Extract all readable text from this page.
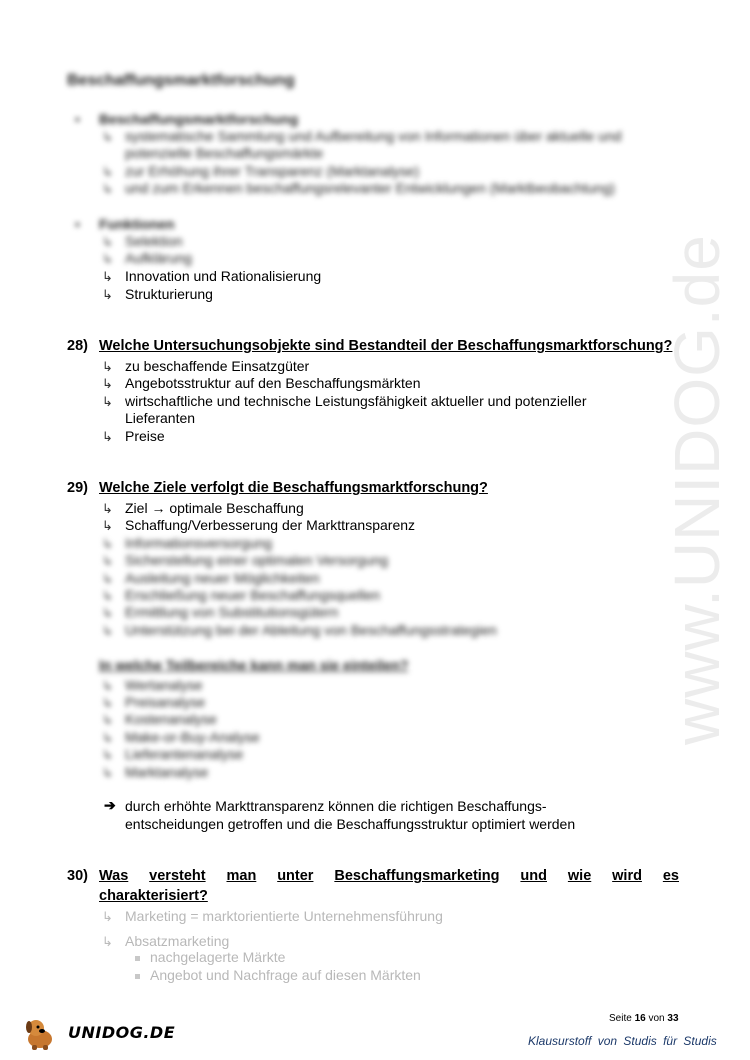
www.UNIDOG.de
Beschaffungsmarktforschung
• Beschaffungsmarktforschung
↳ systematische Sammlung und Aufbereitung von Informationen über aktuelle und
potenzielle Beschaffungsmärkte
↳ zur Erhöhung ihrer Transparenz (Marktanalyse)
↳ und zum Erkennen beschaffungsrelevanter Entwicklungen (Marktbeobachtung)
• Funktionen
↳ Selektion
↳ Aufklärung
↳ Innovation und Rationalisierung
↳ Strukturierung
28) Welche Untersuchungsobjekte sind Bestandteil der Beschaffungsmarktforschung?
↳ zu beschaffende Einsatzgüter
↳ Angebotsstruktur auf den Beschaffungsmärkten
↳ wirtschaftliche und technische Leistungsfähigkeit aktueller und potenzieller
Lieferanten
↳ Preise
29) Welche Ziele verfolgt die Beschaffungsmarktforschung?
↳ Ziel → optimale Beschaffung
↳ Schaffung/Verbesserung der Markttransparenz
↳ Informationsversorgung
↳ Sicherstellung einer optimalen Versorgung
↳ Ausleitung neuer Möglichkeiten
↳ Erschließung neuer Beschaffungsquellen
↳ Ermittlung von Substitutionsgütern
↳ Unterstützung bei der Ableitung von Beschaffungsstrategien
In welche Teilbereiche kann man sie einteilen?
↳ Wertanalyse
↳ Preisanalyse
↳ Kostenanalyse
↳ Make-or-Buy-Analyse
↳ Lieferantenanalyse
↳ Marktanalyse
➔ durch erhöhte Markttransparenz können die richtigen Beschaffungs-
entscheidungen getroffen und die Beschaffungsstruktur optimiert werden
30) Was versteht man unter Beschaffungsmarketing und wie wird es
charakterisiert?
↳ Marketing = marktorientierte Unternehmensführung
↳ Absatzmarketing
nachgelagerte Märkte
Angebot und Nachfrage auf diesen Märkten
Seite 16 von 33
Klausurstoff von Studis für Studis
UNIDOG.DE
